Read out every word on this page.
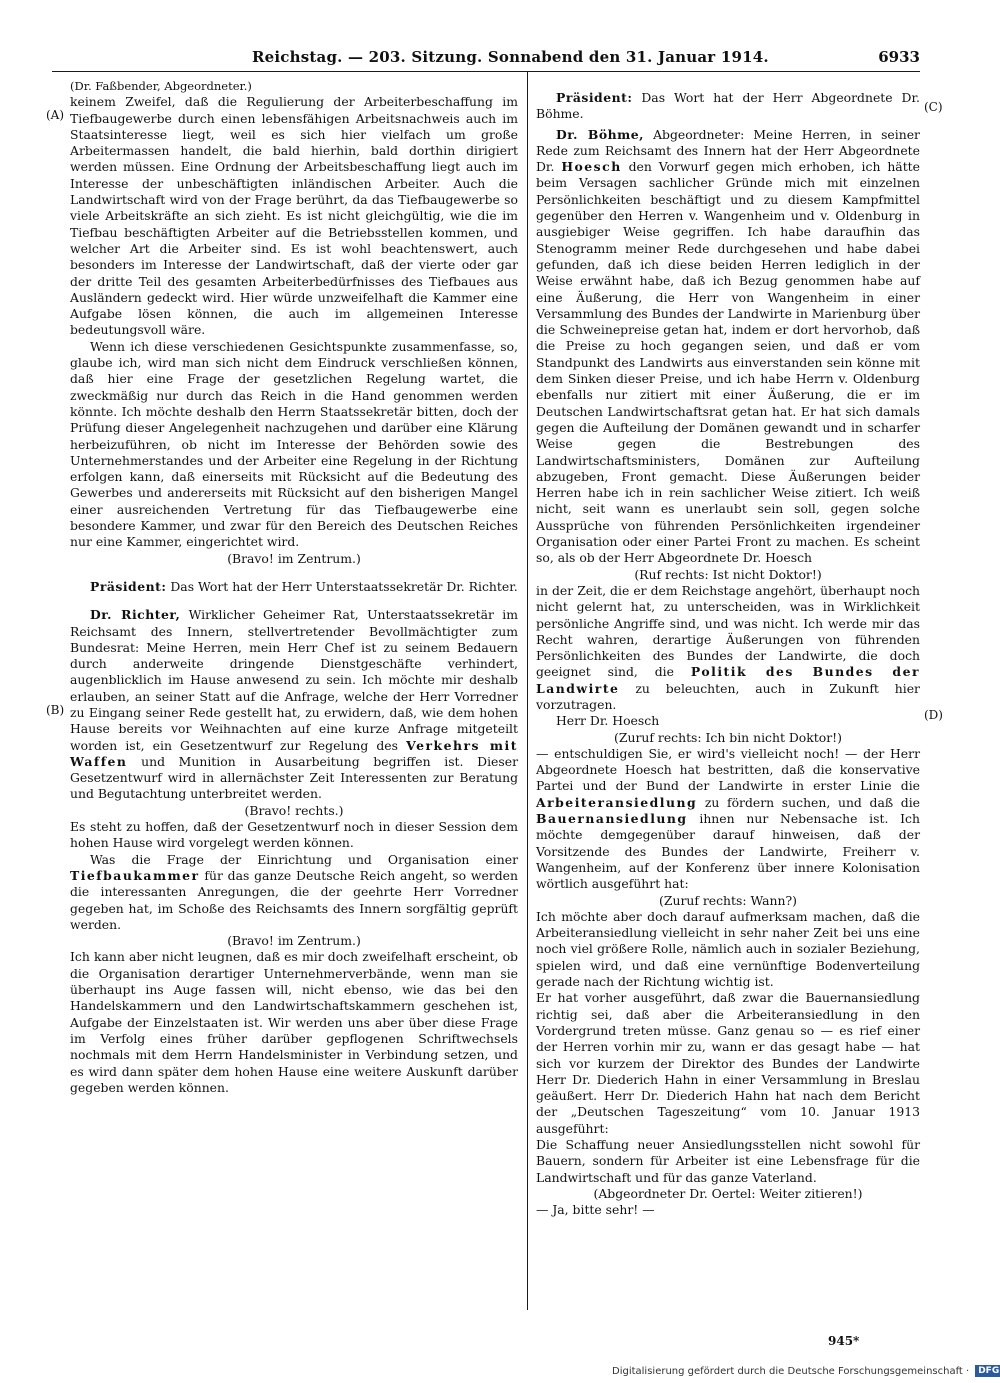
Reichstag. — 203. Sitzung. Sonnabend den 31. Januar 1914.	6933
(A)
(B)
(C)
(D)

(Dr. Faßbender, Abgeordneter.)

keinem Zweifel, daß die Regulierung der Arbeiterbeschaffung im Tiefbaugewerbe durch einen lebensfähigen Arbeitsnachweis auch im Staatsinteresse liegt, weil es sich hier vielfach um große Arbeitermassen handelt, die bald hierhin, bald dorthin dirigiert werden müssen. Eine Ordnung der Arbeitsbeschaffung liegt auch im Interesse der unbeschäftigten inländischen Arbeiter. Auch die Landwirtschaft wird von der Frage berührt, da das Tiefbaugewerbe so viele Arbeitskräfte an sich zieht. Es ist nicht gleichgültig, wie die im Tiefbau beschäftigten Arbeiter auf die Betriebsstellen kommen, und welcher Art die Arbeiter sind. Es ist wohl beachtenswert, auch besonders im Interesse der Landwirtschaft, daß der vierte oder gar der dritte Teil des gesamten Arbeiterbedürfnisses des Tiefbaues aus Ausländern gedeckt wird. Hier würde unzweifelhaft die Kammer eine Aufgabe lösen können, die auch im allgemeinen Interesse bedeutungsvoll wäre.

Wenn ich diese verschiedenen Gesichtspunkte zusammenfasse, so, glaube ich, wird man sich nicht dem Eindruck verschließen können, daß hier eine Frage der gesetzlichen Regelung wartet, die zweckmäßig nur durch das Reich in die Hand genommen werden könnte. Ich möchte deshalb den Herrn Staatssekretär bitten, doch der Prüfung dieser Angelegenheit nachzugehen und darüber eine Klärung herbeizuführen, ob nicht im Interesse der Behörden sowie des Unternehmerstandes und der Arbeiter eine Regelung in der Richtung erfolgen kann, daß einerseits mit Rücksicht auf die Bedeutung des Gewerbes und andererseits mit Rücksicht auf den bisherigen Mangel einer ausreichenden Vertretung für das Tiefbaugewerbe eine besondere Kammer, und zwar für den Bereich des Deutschen Reiches nur eine Kammer, eingerichtet wird.

(Bravo! im Zentrum.)

Präsident: Das Wort hat der Herr Unterstaatssekretär Dr. Richter.

Dr. Richter, Wirklicher Geheimer Rat, Unterstaatssekretär im Reichsamt des Innern, stellvertretender Bevollmächtigter zum Bundesrat: Meine Herren, mein Herr Chef ist zu seinem Bedauern durch anderweite dringende Dienstgeschäfte verhindert, augenblicklich im Hause anwesend zu sein. Ich möchte mir deshalb erlauben, an seiner Statt auf die Anfrage, welche der Herr Vorredner zu Eingang seiner Rede gestellt hat, zu erwidern, daß, wie dem hohen Hause bereits vor Weihnachten auf eine kurze Anfrage mitgeteilt worden ist, ein Gesetzentwurf zur Regelung des Verkehrs mit Waffen und Munition in Ausarbeitung begriffen ist. Dieser Gesetzentwurf wird in allernächster Zeit Interessenten zur Beratung und Begutachtung unterbreitet werden.

(Bravo! rechts.)

Es steht zu hoffen, daß der Gesetzentwurf noch in dieser Session dem hohen Hause wird vorgelegt werden können.

Was die Frage der Einrichtung und Organisation einer Tiefbaukammer für das ganze Deutsche Reich angeht, so werden die interessanten Anregungen, die der geehrte Herr Vorredner gegeben hat, im Schoße des Reichsamts des Innern sorgfältig geprüft werden.

(Bravo! im Zentrum.)

Ich kann aber nicht leugnen, daß es mir doch zweifelhaft erscheint, ob die Organisation derartiger Unternehmerverbände, wenn man sie überhaupt ins Auge fassen will, nicht ebenso, wie das bei den Handelskammern und den Landwirtschaftskammern geschehen ist, Aufgabe der Einzelstaaten ist. Wir werden uns aber über diese Frage im Verfolg eines früher darüber gepflogenen Schriftwechsels nochmals mit dem Herrn Handelsminister in Verbindung setzen, und es wird dann später dem hohen Hause eine weitere Auskunft darüber gegeben werden können.

Präsident: Das Wort hat der Herr Abgeordnete Dr. Böhme.

Dr. Böhme, Abgeordneter: Meine Herren, in seiner Rede zum Reichsamt des Innern hat der Herr Abgeordnete Dr. Hoesch den Vorwurf gegen mich erhoben, ich hätte beim Versagen sachlicher Gründe mich mit einzelnen Persönlichkeiten beschäftigt und zu diesem Kampfmittel gegenüber den Herren v. Wangenheim und v. Oldenburg in ausgiebiger Weise gegriffen. Ich habe daraufhin das Stenogramm meiner Rede durchgesehen und habe dabei gefunden, daß ich diese beiden Herren lediglich in der Weise erwähnt habe, daß ich Bezug genommen habe auf eine Äußerung, die Herr von Wangenheim in einer Versammlung des Bundes der Landwirte in Marienburg über die Schweinepreise getan hat, indem er dort hervorhob, daß die Preise zu hoch gegangen seien, und daß er vom Standpunkt des Landwirts aus einverstanden sein könne mit dem Sinken dieser Preise, und ich habe Herrn v. Oldenburg ebenfalls nur zitiert mit einer Äußerung, die er im Deutschen Landwirtschaftsrat getan hat. Er hat sich damals gegen die Aufteilung der Domänen gewandt und in scharfer Weise gegen die Bestrebungen des Landwirtschaftsministers, Domänen zur Aufteilung abzugeben, Front gemacht. Diese Äußerungen beider Herren habe ich in rein sachlicher Weise zitiert. Ich weiß nicht, seit wann es unerlaubt sein soll, gegen solche Aussprüche von führenden Persönlichkeiten irgendeiner Organisation oder einer Partei Front zu machen. Es scheint so, als ob der Herr Abgeordnete Dr. Hoesch

(Ruf rechts: Ist nicht Doktor!)

in der Zeit, die er dem Reichstage angehört, überhaupt noch nicht gelernt hat, zu unterscheiden, was in Wirklichkeit persönliche Angriffe sind, und was nicht. Ich werde mir das Recht wahren, derartige Äußerungen von führenden Persönlichkeiten des Bundes der Landwirte, die doch geeignet sind, die Politik des Bundes der Landwirte zu beleuchten, auch in Zukunft hier vorzutragen.

Herr Dr. Hoesch

(Zuruf rechts: Ich bin nicht Doktor!)

— entschuldigen Sie, er wird's vielleicht noch! — der Herr Abgeordnete Hoesch hat bestritten, daß die konservative Partei und der Bund der Landwirte in erster Linie die Arbeiteransiedlung zu fördern suchen, und daß die Bauernansiedlung ihnen nur Nebensache ist. Ich möchte demgegenüber darauf hinweisen, daß der Vorsitzende des Bundes der Landwirte, Freiherr v. Wangenheim, auf der Konferenz über innere Kolonisation wörtlich ausgeführt hat:

(Zuruf rechts: Wann?)

Ich möchte aber doch darauf aufmerksam machen, daß die Arbeiteransiedlung vielleicht in sehr naher Zeit bei uns eine noch viel größere Rolle, nämlich auch in sozialer Beziehung, spielen wird, und daß eine vernünftige Bodenverteilung gerade nach der Richtung wichtig ist.

Er hat vorher ausgeführt, daß zwar die Bauernansiedlung richtig sei, daß aber die Arbeiteransiedlung in den Vordergrund treten müsse. Ganz genau so — es rief einer der Herren vorhin mir zu, wann er das gesagt habe — hat sich vor kurzem der Direktor des Bundes der Landwirte Herr Dr. Diederich Hahn in einer Versammlung in Breslau geäußert. Herr Dr. Diederich Hahn hat nach dem Bericht der „Deutschen Tageszeitung“ vom 10. Januar 1913 ausgeführt:

Die Schaffung neuer Ansiedlungsstellen nicht sowohl für Bauern, sondern für Arbeiter ist eine Lebensfrage für die Landwirtschaft und für das ganze Vaterland.

(Abgeordneter Dr. Oertel: Weiter zitieren!)

— Ja, bitte sehr! —

945*
Digitalisierung gefördert durch die Deutsche Forschungsgemeinschaft · DFG
